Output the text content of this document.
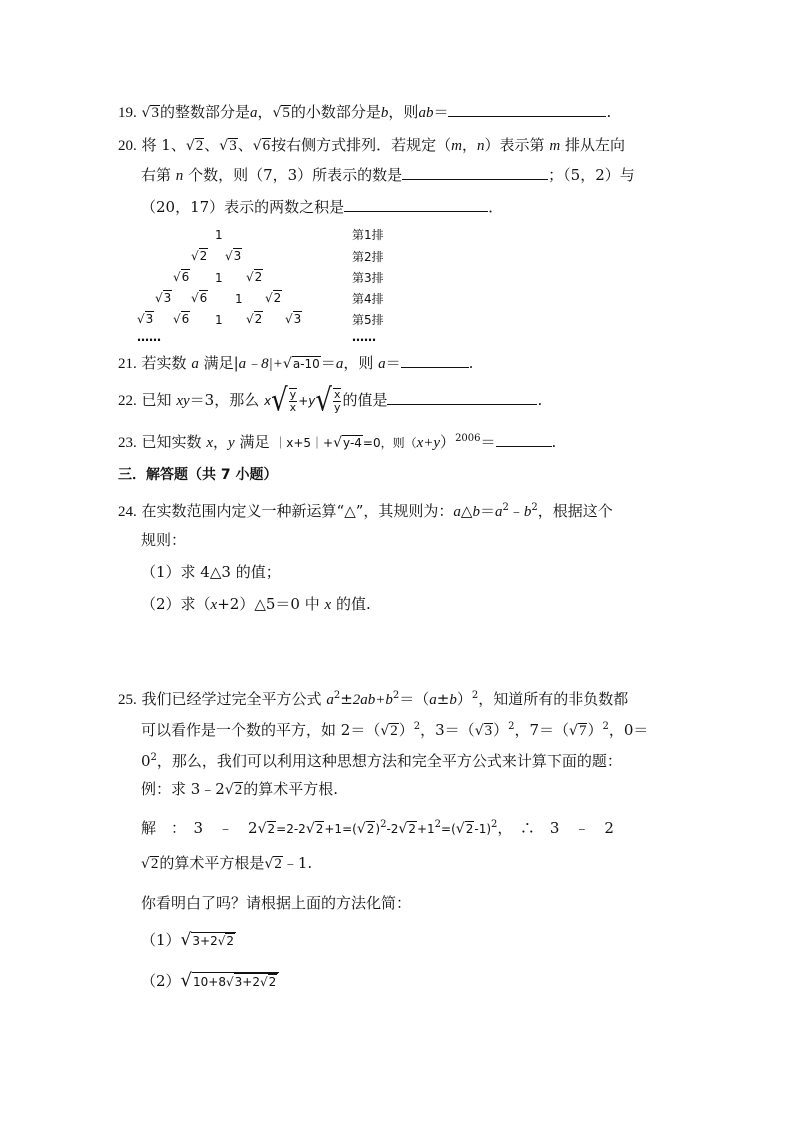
19. √3的整数部分是a，√5的小数部分是b，则ab＝	.
20. 将 1、√2、√3、√6按右侧方式排列．若规定（m，n）表示第 m 排从左向
右第 n 个数，则（7，3）所表示的数是	；（5，2）与
（20，17）表示的两数之积是	．
1
√2 √3
√6 1 √2
√3 √6 1 √2
√3 √6 1 √2 √3
……
第1排
第2排
第3排
第4排
第5排
……
21. 若实数 a 满足|a﹣8|+√a-10＝a，则 a＝	.
22. 已知 xy＝3，那么 $x√ \frac{y}{x} +y√ \frac{x}{y}$ 的值是	.
23. 已知实数 x，y 满足 ｜x+5｜+√y-4=0，则$(x+y)^{2006}=$	.
三．解答题（共 7 小题）
24. 在实数范围内定义一种新运算“△”，其规则为：$a\triangle b=a^2﹣b^2$，根据这个
规则：
（1）求 4△3 的值；
（2）求（x+2）△5＝0 中 x 的值.
25. 我们已经学过完全平方公式 $a^2\pm 2ab+b^2=(a\pm b)^2$，知道所有的非负数都
可以看作是一个数的平方，如 $2=(√2)^2$，$3=(√3)^2$，$7=(√7)^2$，0＝
$0^2$，那么，我们可以利用这种思想方法和完全平方公式来计算下面的题：
例：求 3﹣2√2的算术平方根.
解　：　3　﹣　$2√2=2-2√2+1=(√2)^2-2√2+1^2=(√2-1)^2$，　∴　3　﹣　2
√2的算术平方根是√2﹣1.
你看明白了吗？请根据上面的方法化简：
（1）√3+2√2
（2）√10+8√3+2√2
